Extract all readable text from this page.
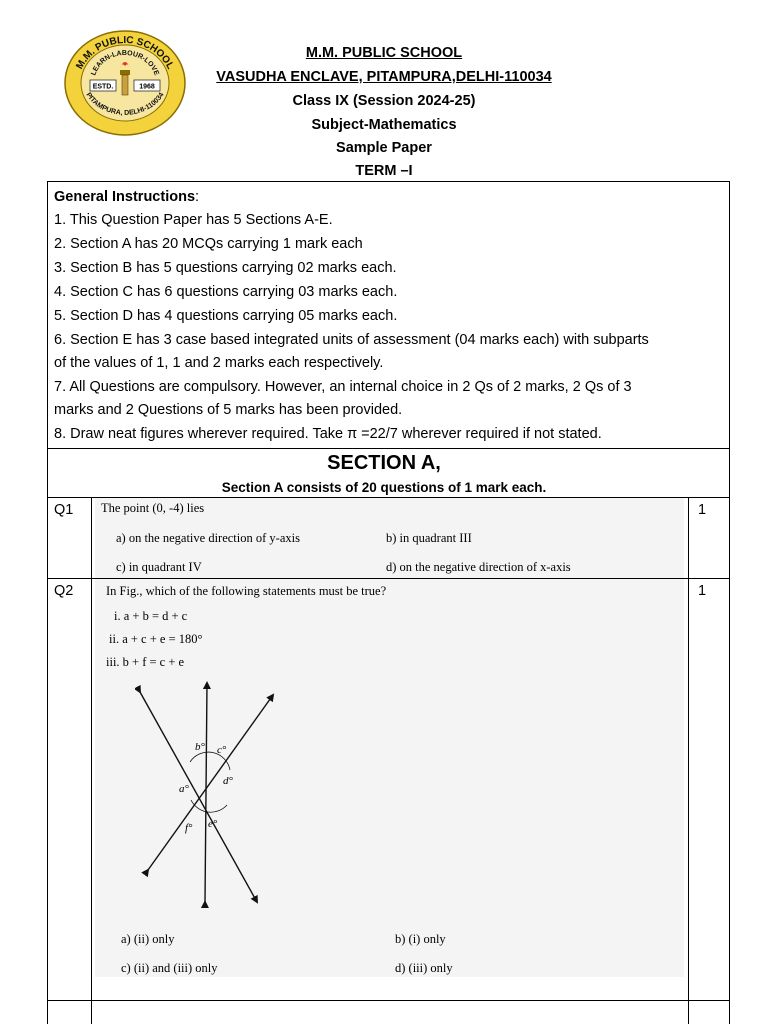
M.M. PUBLIC SCHOOL
LEARN-LABOUR-LOVE
PITAMPURA, DELHI-110034
ESTD.	1968
M.M. PUBLIC SCHOOL
VASUDHA ENCLAVE, PITAMPURA,DELHI-110034
Class IX (Session 2024-25)
Subject-Mathematics
Sample Paper
TERM –I
General Instructions:
1. This Question Paper has 5 Sections A-E.
2. Section A has 20 MCQs carrying 1 mark each
3. Section B has 5 questions carrying 02 marks each.
4. Section C has 6 questions carrying 03 marks each.
5. Section D has 4 questions carrying 05 marks each.
6. Section E has 3 case based integrated units of assessment (04 marks each) with subparts
of the values of 1, 1 and 2 marks each respectively.
7. All Questions are compulsory. However, an internal choice in 2 Qs of 2 marks, 2 Qs of 3
marks and 2 Questions of 5 marks has been provided.
8. Draw neat figures wherever required. Take π =22/7 wherever required if not stated.
SECTION A,
Section A consists of 20 questions of 1 mark each.
Q1	1
The point (0, -4) lies
a) on the negative direction of y-axis	b) in quadrant III
c) in quadrant IV	d) on the negative direction of x-axis
Q2	1
In Fig., which of the following statements must be true?
i. a + b = d + c
ii. a + c + e = 180°
iii. b + f = c + e
a) (ii) only	b) (i) only
c) (ii) and (iii) only	d) (iii) only
b° c°
d°
a°
f° e°
